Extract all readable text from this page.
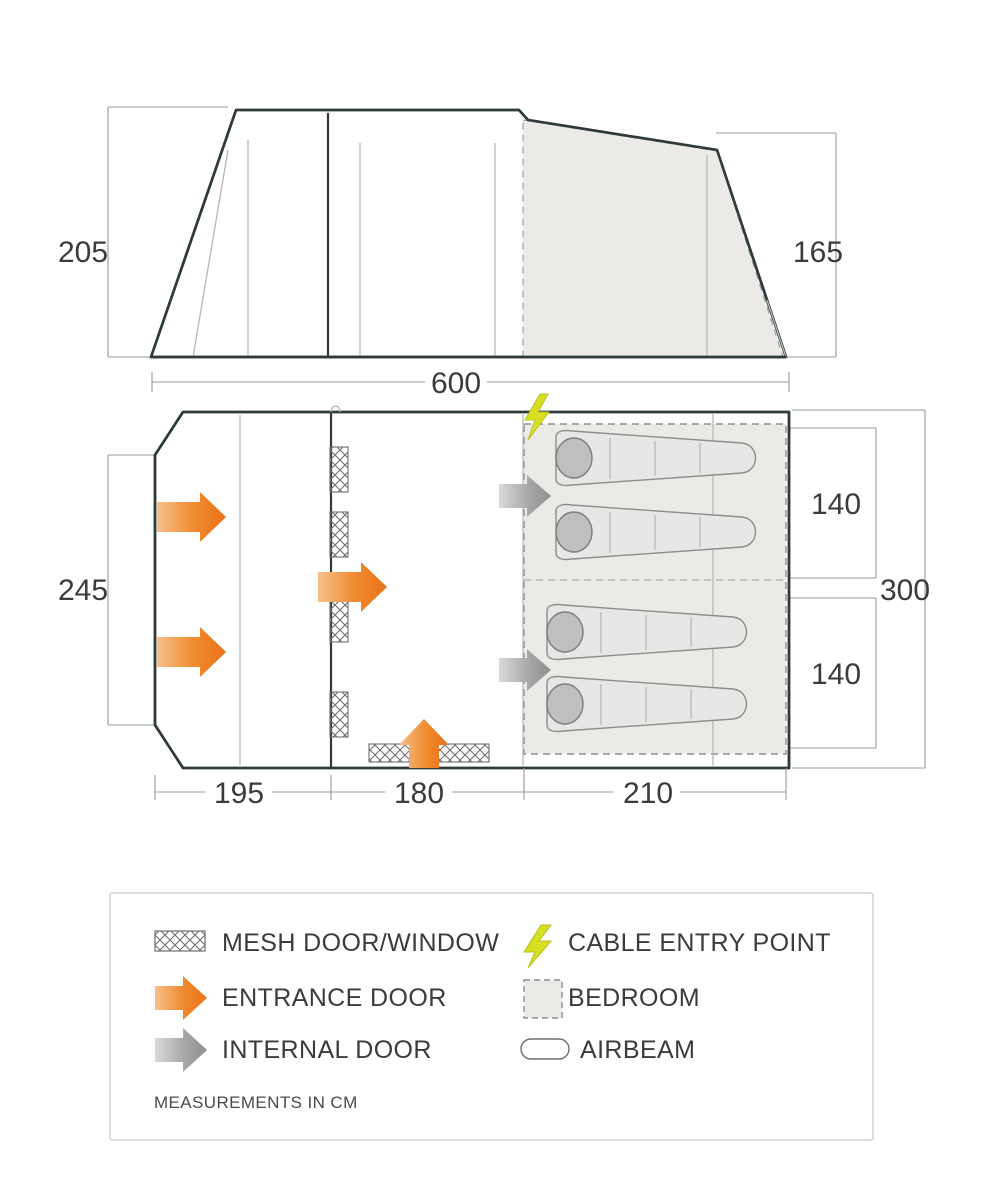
205	165
600
245	300
140
140
195	180	210
MESH DOOR/WINDOW	CABLE ENTRY POINT
ENTRANCE DOOR	BEDROOM
INTERNAL DOOR	AIRBEAM
MEASUREMENTS IN CM
